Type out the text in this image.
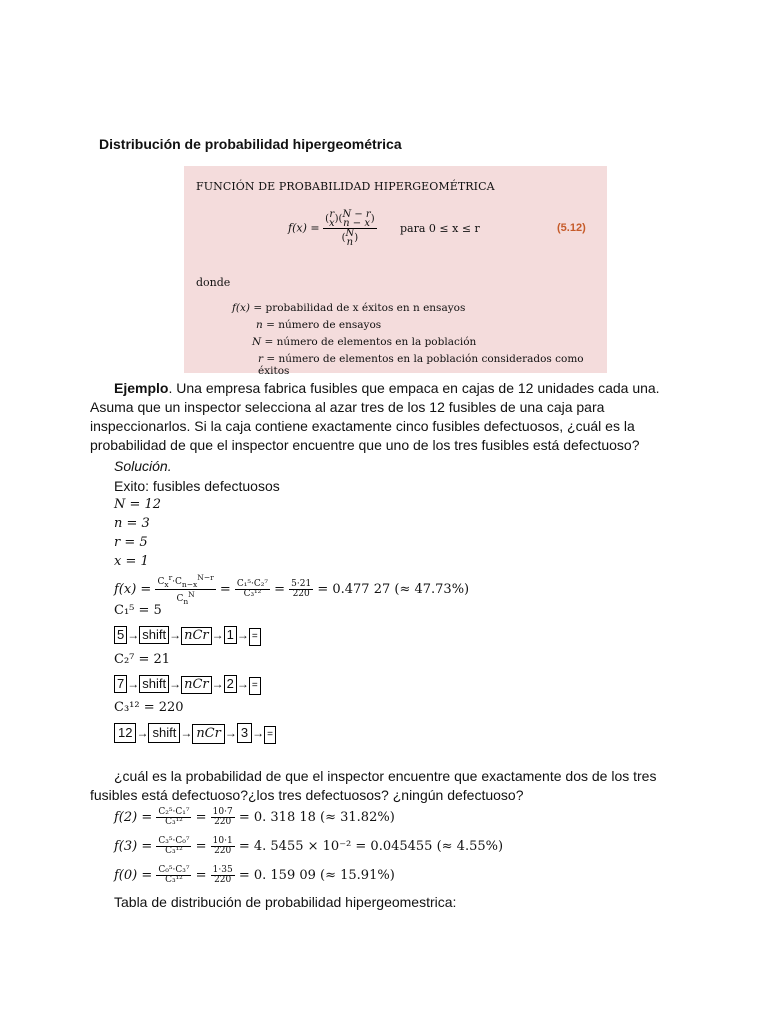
Distribución de probabilidad hipergeométrica
FUNCIÓN DE PROBABILIDAD HIPERGEOMÉTRICA
f(x) = ( r
x )( N − r
n − x )
( N
n ) para 0 ≤ x ≤ r	(5.12)
donde
f(x) = probabilidad de x éxitos en n ensayos
n = número de ensayos
N = número de elementos en la población
r = número de elementos en la población considerados como éxitos
Ejemplo. Una empresa fabrica fusibles que empaca en cajas de 12 unidades cada una. Asuma que un inspector selecciona al azar tres de los 12 fusibles de una caja para inspeccionarlos. Si la caja contiene exactamente cinco fusibles defectuosos, ¿cuál es la probabilidad de que el inspector encuentre que uno de los tres fusibles está defectuoso?
Solución.
Exito: fusibles defectuosos
N = 12
n = 3
r = 5
x = 1
$f(x) = \frac{C_x^r\cdot C_{n-x}^{N-r}}{C_n^N} = \frac{\text{C₁⁵·C₂⁷}}{\text{C₃¹²}} = \frac{5\cdot 21}{220} = 0.477$ 27 (≈ 47.73%)
C₁⁵ = 5
5 → shift → nCr → 1 → =
C₂⁷ = 21
7 → shift → nCr → 2 → =
C₃¹² = 220
12 → shift → nCr → 3 → =
¿cuál es la probabilidad de que el inspector encuentre que exactamente dos de los tres fusibles está defectuoso?¿los tres defectuosos? ¿ningún defectuoso?
$f(2) = \frac{\text{C₂⁵·C₁⁷}}{\text{C₃¹²}} = \frac{10\cdot 7}{220} = 0$. 318 18 (≈ 31.82%)
$f(3) = \frac{\text{C₃⁵·C₀⁷}}{\text{C₃¹²}} = \frac{10\cdot 1}{220} = 4$. 5455 × 10⁻² = 0.045455 (≈ 4.55%)
$f(0) = \frac{\text{C₀⁵·C₃⁷}}{\text{C₃¹²}} = \frac{1\cdot 35}{220} = 0$. 159 09 (≈ 15.91%)
Tabla de distribución de probabilidad hipergeomestrica:
